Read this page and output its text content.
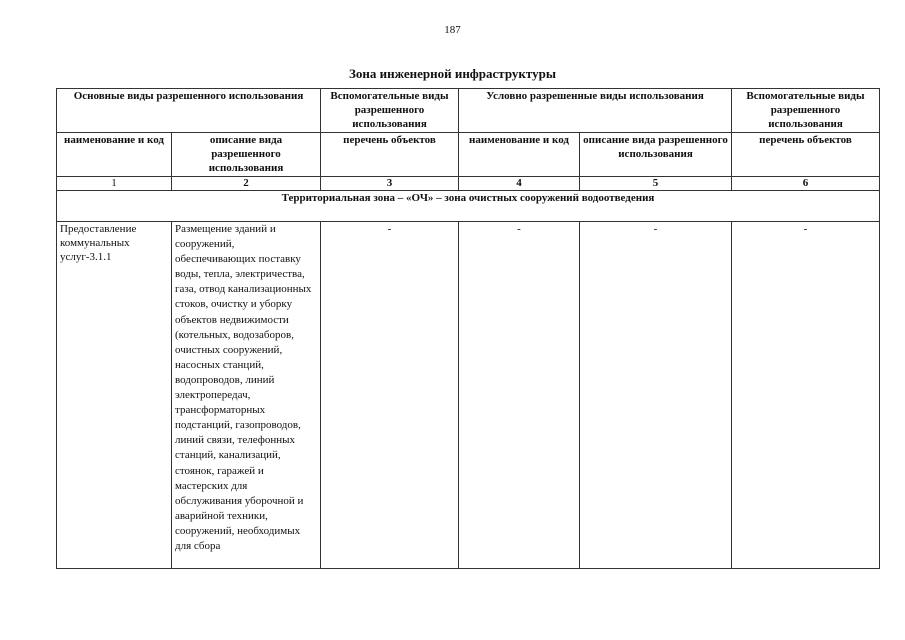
187
Зона инженерной инфраструктуры
Основные виды разрешенного использования		Вспомогательные виды разрешенного использования	Условно разрешенные виды использования		Вспомогательные виды разрешенного использования
наименование и код	описание вида разрешенного использования	перечень объектов	наименование и код	описание вида разрешенного использования	перечень объектов
1	2	3	4	5	6
Территориальная зона – «ОЧ» – зона очистных сооружений водоотведения					
Предоставление коммунальных услуг-3.1.1	Размещение зданий и сооружений, обеспечивающих поставку воды, тепла, электричества, газа, отвод канализационных стоков, очистку и уборку объектов недвижимости (котельных, водозаборов, очистных сооружений, насосных станций, водопроводов, линий электропередач, трансформаторных подстанций, газопроводов, линий связи, телефонных станций, канализаций, стоянок, гаражей и мастерских для обслуживания уборочной и аварийной техники, сооружений, необходимых для сбора	-	-	-	-
